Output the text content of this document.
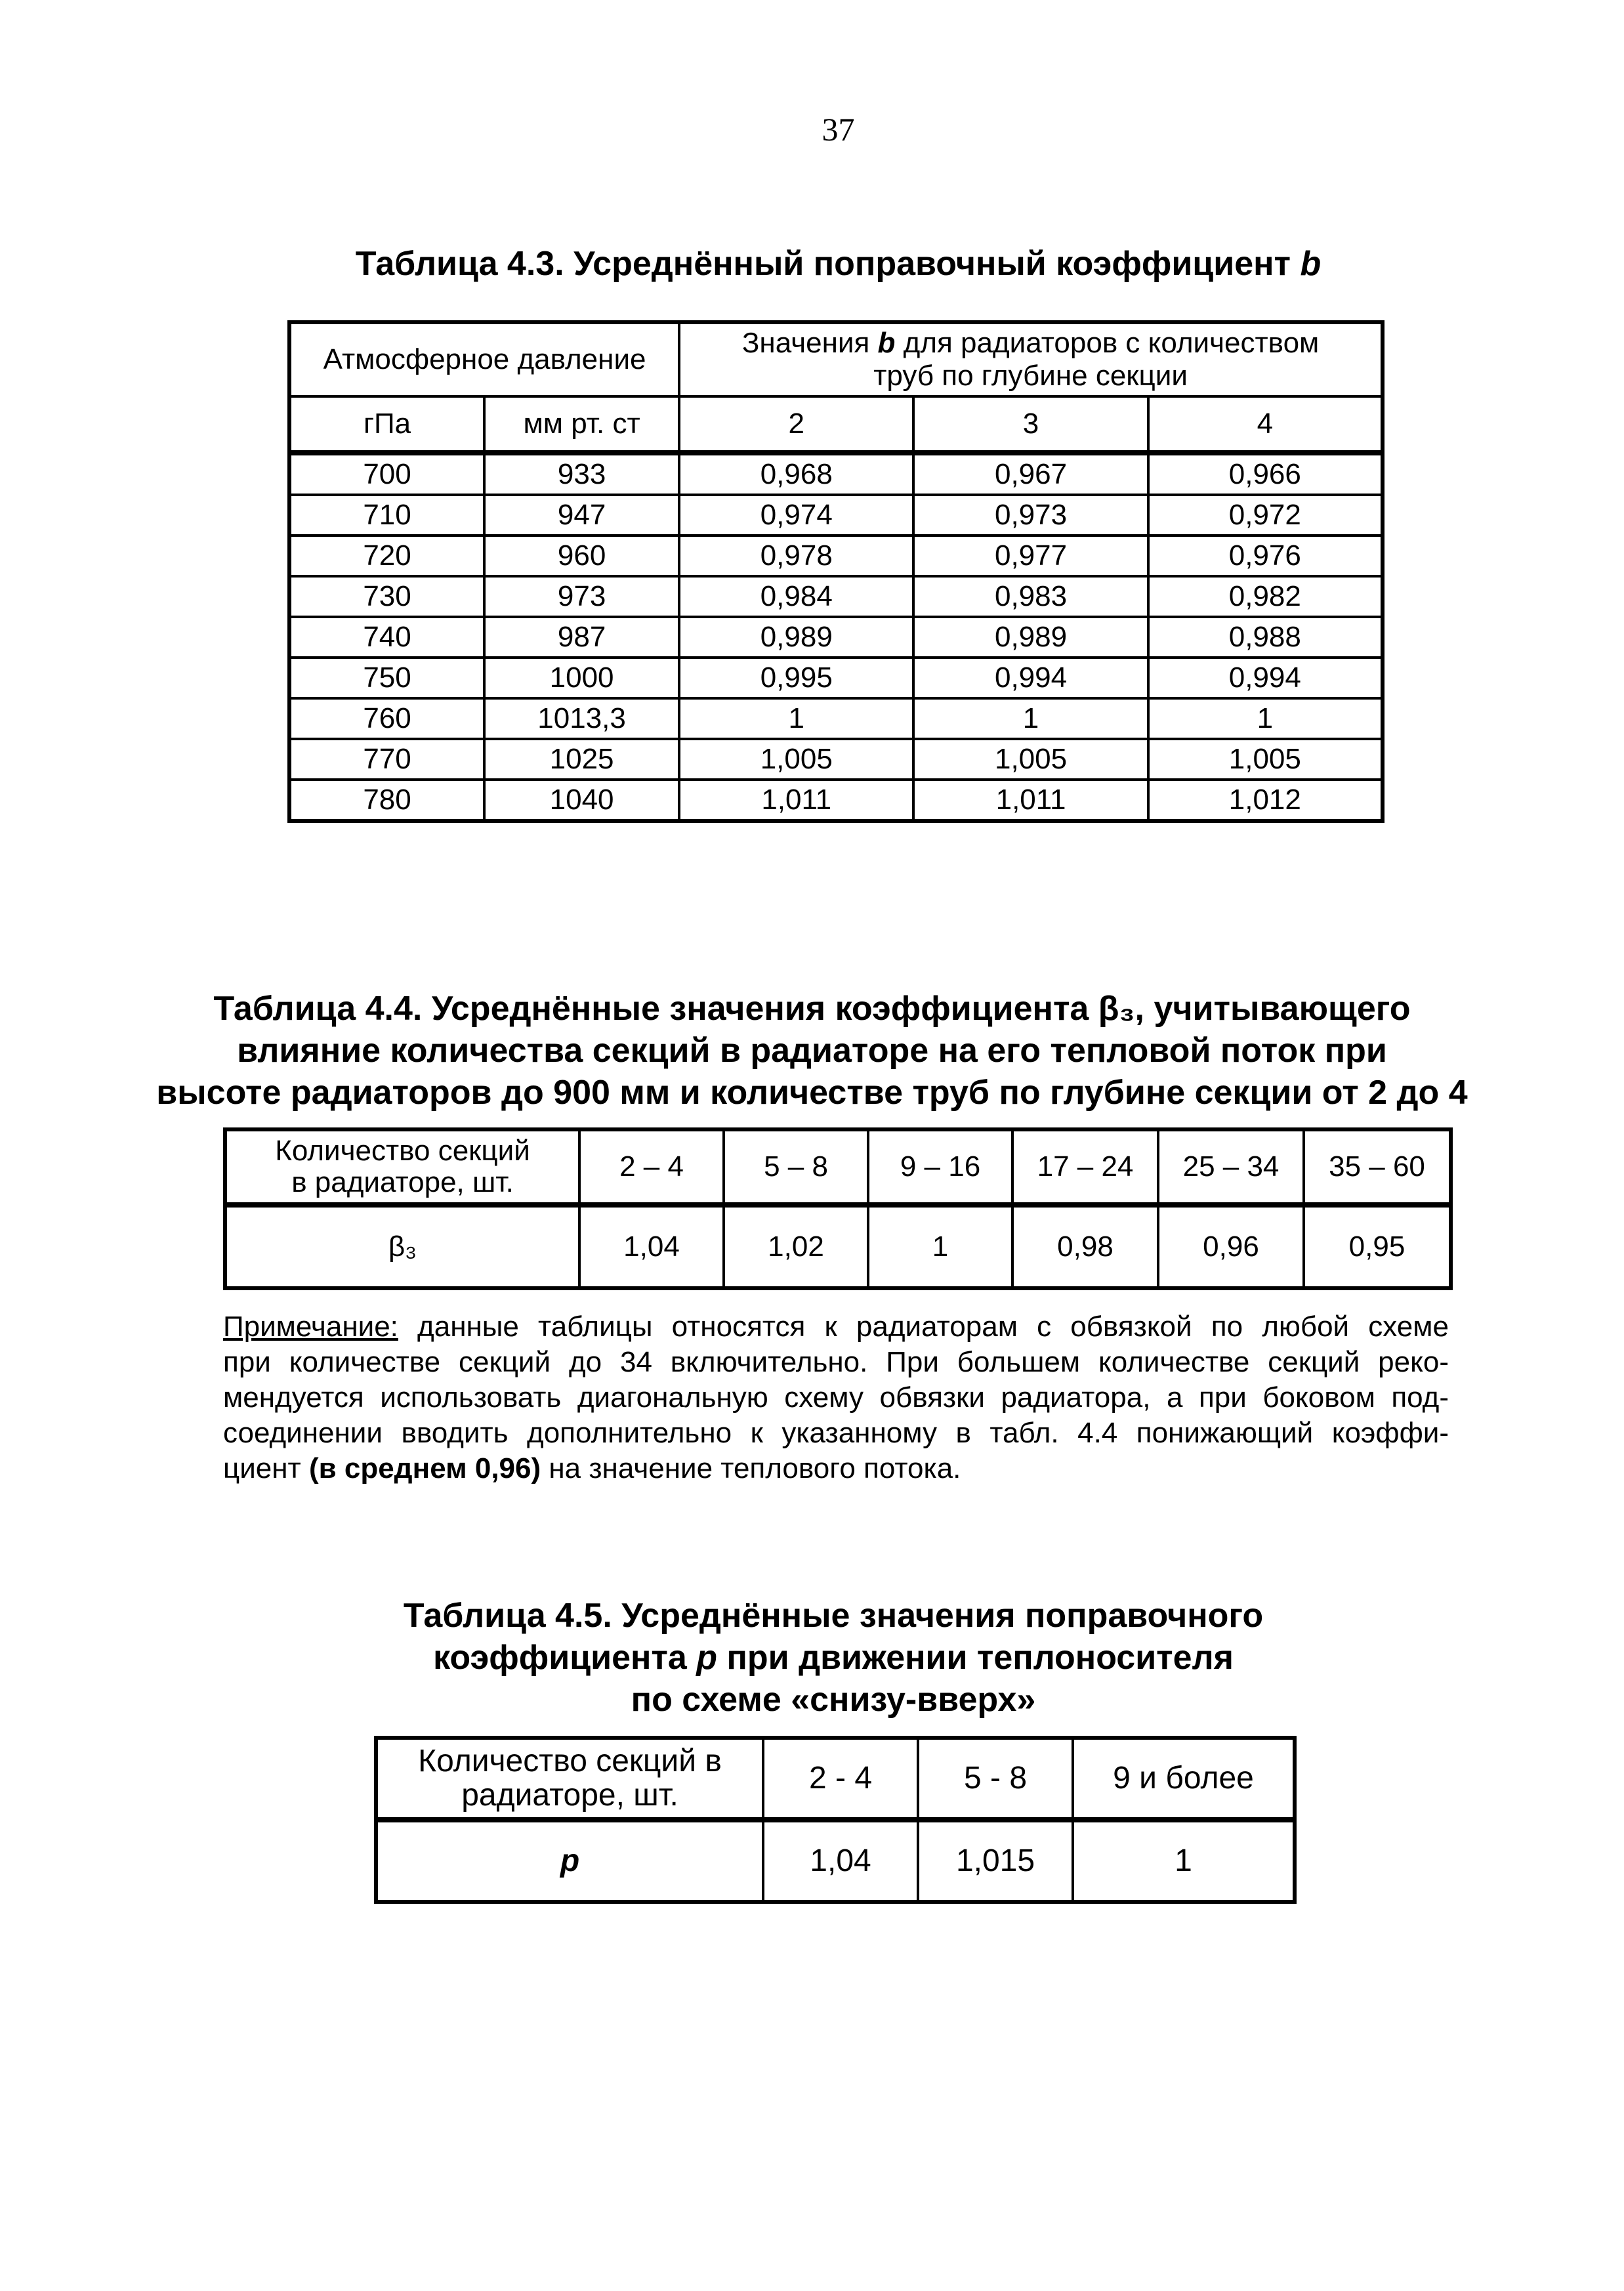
37
Таблица 4.3. Усреднённый поправочный коэффициент b
Атмосферное давление		Значения b для радиаторов с количеством
труб по глубине секции		
гПа	мм рт. ст	2	3	4
700	933	0,968	0,967	0,966
710	947	0,974	0,973	0,972
720	960	0,978	0,977	0,976
730	973	0,984	0,983	0,982
740	987	0,989	0,989	0,988
750	1000	0,995	0,994	0,994
760	1013,3	1	1	1
770	1025	1,005	1,005	1,005
780	1040	1,011	1,011	1,012
Таблица 4.4. Усреднённые значения коэффициента β₃, учитывающего
влияние количества секций в радиаторе на его тепловой поток при
высоте радиаторов до 900 мм и количестве труб по глубине секции от 2 до 4
Количество секций
в радиаторе, шт.	2 – 4	5 – 8	9 – 16	17 – 24	25 – 34	35 – 60
β₃	1,04	1,02	1	0,98	0,96	0,95
Примечание: данные таблицы относятся к радиаторам с обвязкой по любой схеме
при количестве секций до 34 включительно. При большем количестве секций реко-
мендуется использовать диагональную схему обвязки радиатора, а при боковом под-
соединении вводить дополнительно к указанному в табл. 4.4 понижающий коэффи-
циент (в среднем 0,96) на значение теплового потока.
Таблица 4.5. Усреднённые значения поправочного
коэффициента р при движении теплоносителя
по схеме «снизу-вверх»
Количество секций в
радиаторе, шт.	2 - 4	5 - 8	9 и более
р	1,04	1,015	1
